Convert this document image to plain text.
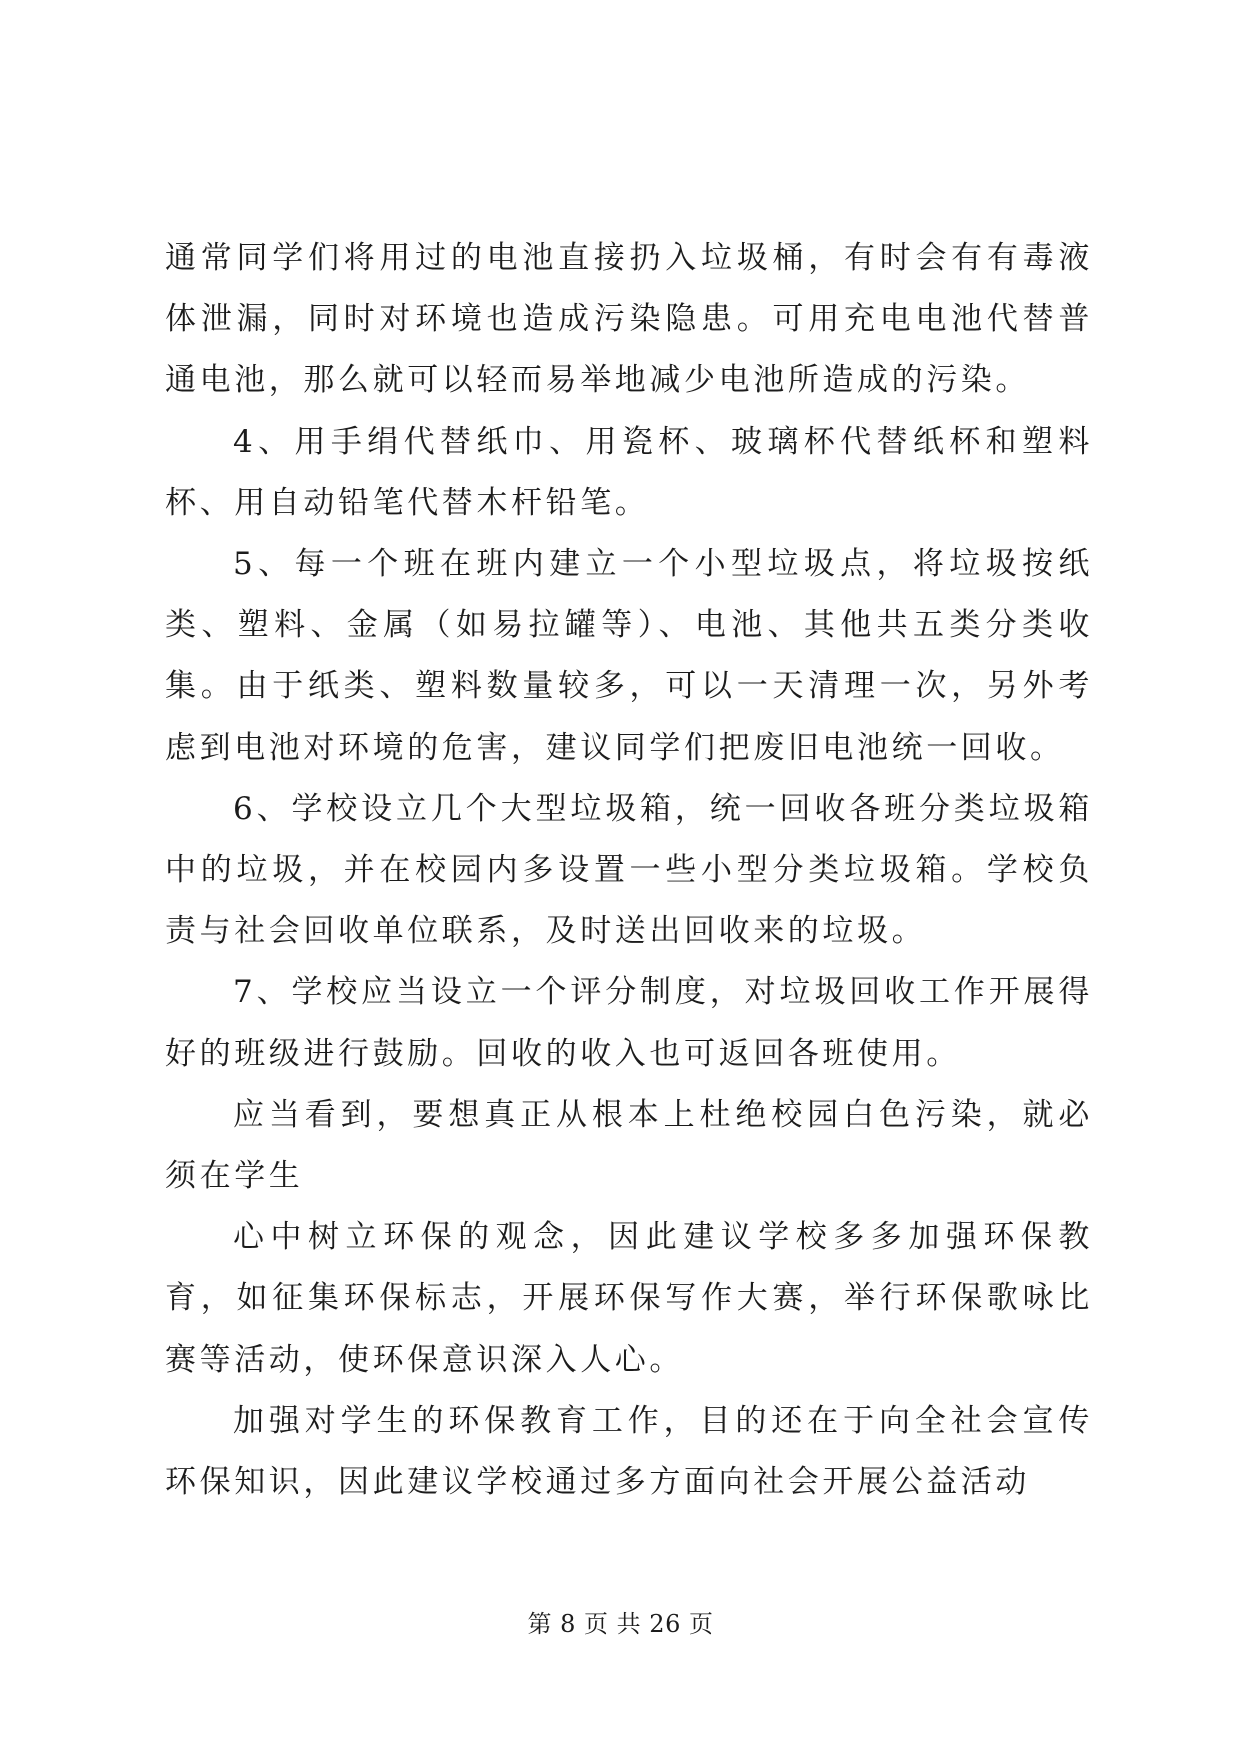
通常同学们将用过的电池直接扔入垃圾桶，有时会有有毒液体泄漏，同时对环境也造成污染隐患。可用充电电池代替普通电池，那么就可以轻而易举地减少电池所造成的污染。

4、用手绢代替纸巾、用瓷杯、玻璃杯代替纸杯和塑料杯、用自动铅笔代替木杆铅笔。

5、每一个班在班内建立一个小型垃圾点，将垃圾按纸类、塑料、金属（如易拉罐等）、电池、其他共五类分类收集。由于纸类、塑料数量较多，可以一天清理一次，另外考虑到电池对环境的危害，建议同学们把废旧电池统一回收。

6、学校设立几个大型垃圾箱，统一回收各班分类垃圾箱中的垃圾，并在校园内多设置一些小型分类垃圾箱。学校负责与社会回收单位联系，及时送出回收来的垃圾。

7、学校应当设立一个评分制度，对垃圾回收工作开展得好的班级进行鼓励。回收的收入也可返回各班使用。

应当看到，要想真正从根本上杜绝校园白色污染，就必须在学生

心中树立环保的观念，因此建议学校多多加强环保教育，如征集环保标志，开展环保写作大赛，举行环保歌咏比赛等活动，使环保意识深入人心。

加强对学生的环保教育工作，目的还在于向全社会宣传环保知识，因此建议学校通过多方面向社会开展公益活动

第 8 页 共 26 页
